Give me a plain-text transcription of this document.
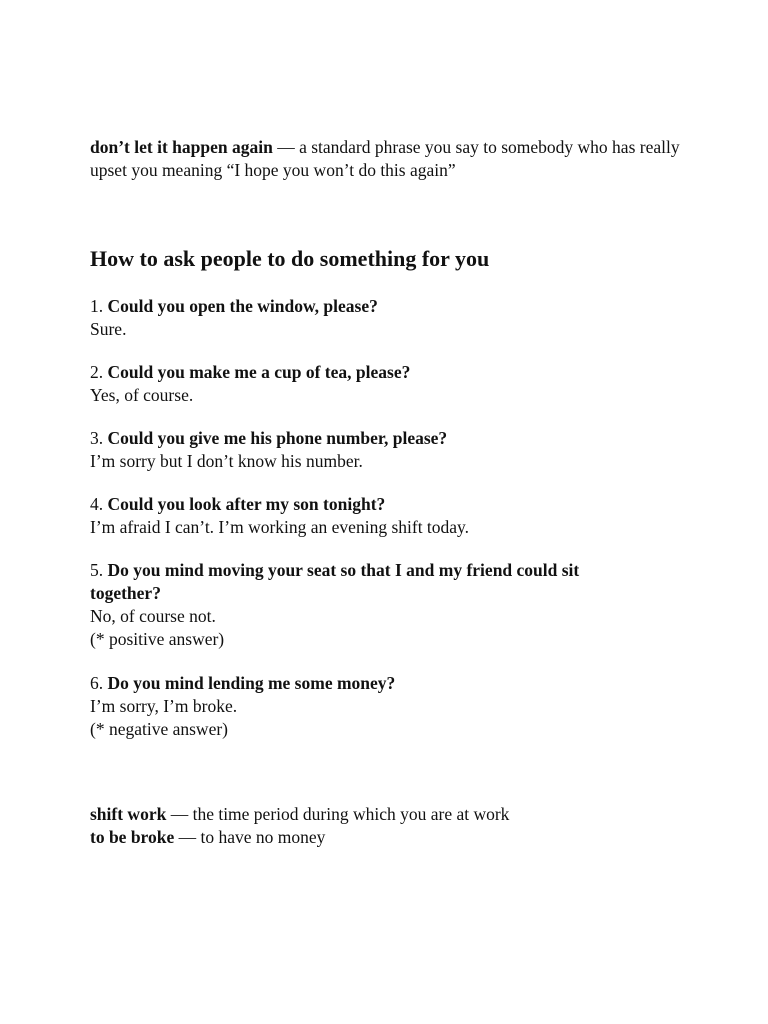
don’t let it happen again — a standard phrase you say to somebody who has really upset you meaning “I hope you won’t do this again”

How to ask people to do something for you

1. Could you open the window, please?

Sure.

2. Could you make me a cup of tea, please?

Yes, of course.

3. Could you give me his phone number, please?

I’m sorry but I don’t know his number.

4. Could you look after my son tonight?

I’m afraid I can’t. I’m working an evening shift today.

5. Do you mind moving your seat so that I and my friend could sit together?

No, of course not.

(* positive answer)

6. Do you mind lending me some money?

I’m sorry, I’m broke.

(* negative answer)

shift work — the time period during which you are at work

to be broke — to have no money
